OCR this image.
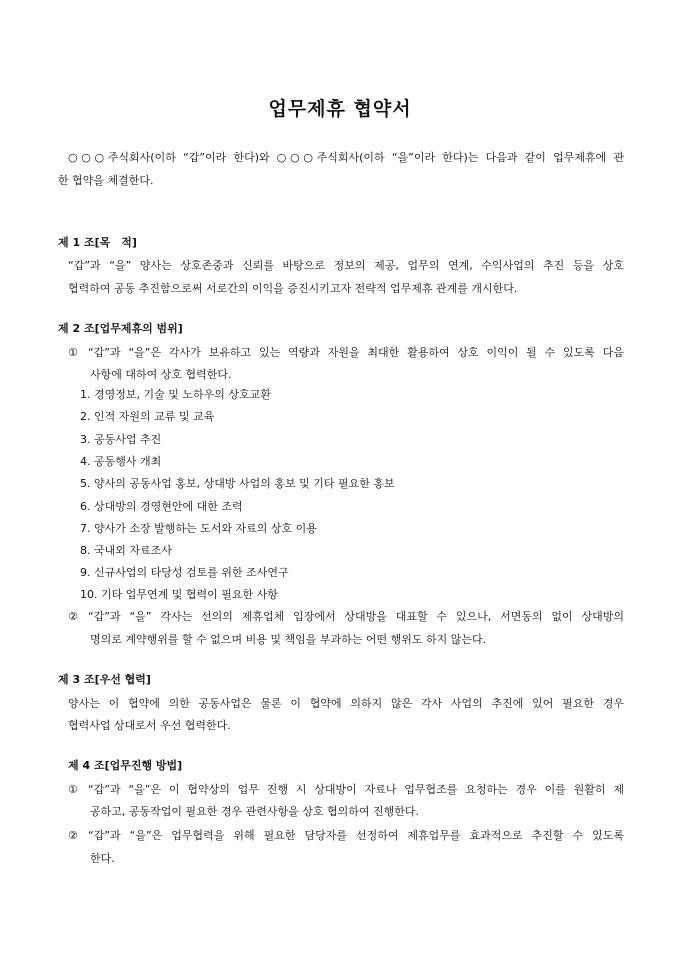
업무제휴 협약서
○○○주식회사(이하 “갑”이라 한다)와 ○○○주식회사(이하 “을”이라 한다)는 다음과 같이 업무제휴에 관
한 협약을 체결한다.
제 1 조[목　적]
“갑”과 “을” 양사는 상호존중과 신뢰를 바탕으로 정보의 제공, 업무의 연계, 수익사업의 추진 등을 상호
협력하여 공동 추진함으로써 서로간의 이익을 증진시키고자 전략적 업무제휴 관계를 개시한다.
제 2 조[업무제휴의 범위]
① “갑”과 “을”은 각사가 보유하고 있는 역량과 자원을 최대한 활용하여 상호 이익이 될 수 있도록 다음
사항에 대하여 상호 협력한다.
1. 경영정보, 기술 및 노하우의 상호교환
2. 인적 자원의 교류 및 교육
3. 공동사업 추진
4. 공동행사 개최
5. 양사의 공동사업 홍보, 상대방 사업의 홍보 및 기타 필요한 홍보
6. 상대방의 경영현안에 대한 조력
7. 양사가 소장 발행하는 도서와 자료의 상호 이용
8. 국내외 자료조사
9. 신규사업의 타당성 검토를 위한 조사연구
10. 기타 업무연계 및 협력이 필요한 사항
② “갑”과 “을” 각사는 선의의 제휴업체 입장에서 상대방을 대표할 수 있으나, 서면동의 없이 상대방의
명의로 계약행위를 할 수 없으며 비용 및 책임을 부과하는 어떤 행위도 하지 않는다.
제 3 조[우선 협력]
양사는 이 협약에 의한 공동사업은 물론 이 협약에 의하지 않은 각사 사업의 추진에 있어 필요한 경우
협력사업 상대로서 우선 협력한다.
제 4 조[업무진행 방법]
① “갑”과 “을”은 이 협약상의 업무 진행 시 상대방이 자료나 업무협조를 요청하는 경우 이를 원활히 제
공하고, 공동작업이 필요한 경우 관련사항을 상호 협의하여 진행한다.
② “갑”과 “을”은 업무협력을 위해 필요한 담당자를 선정하여 제휴업무를 효과적으로 추진할 수 있도록
한다.
